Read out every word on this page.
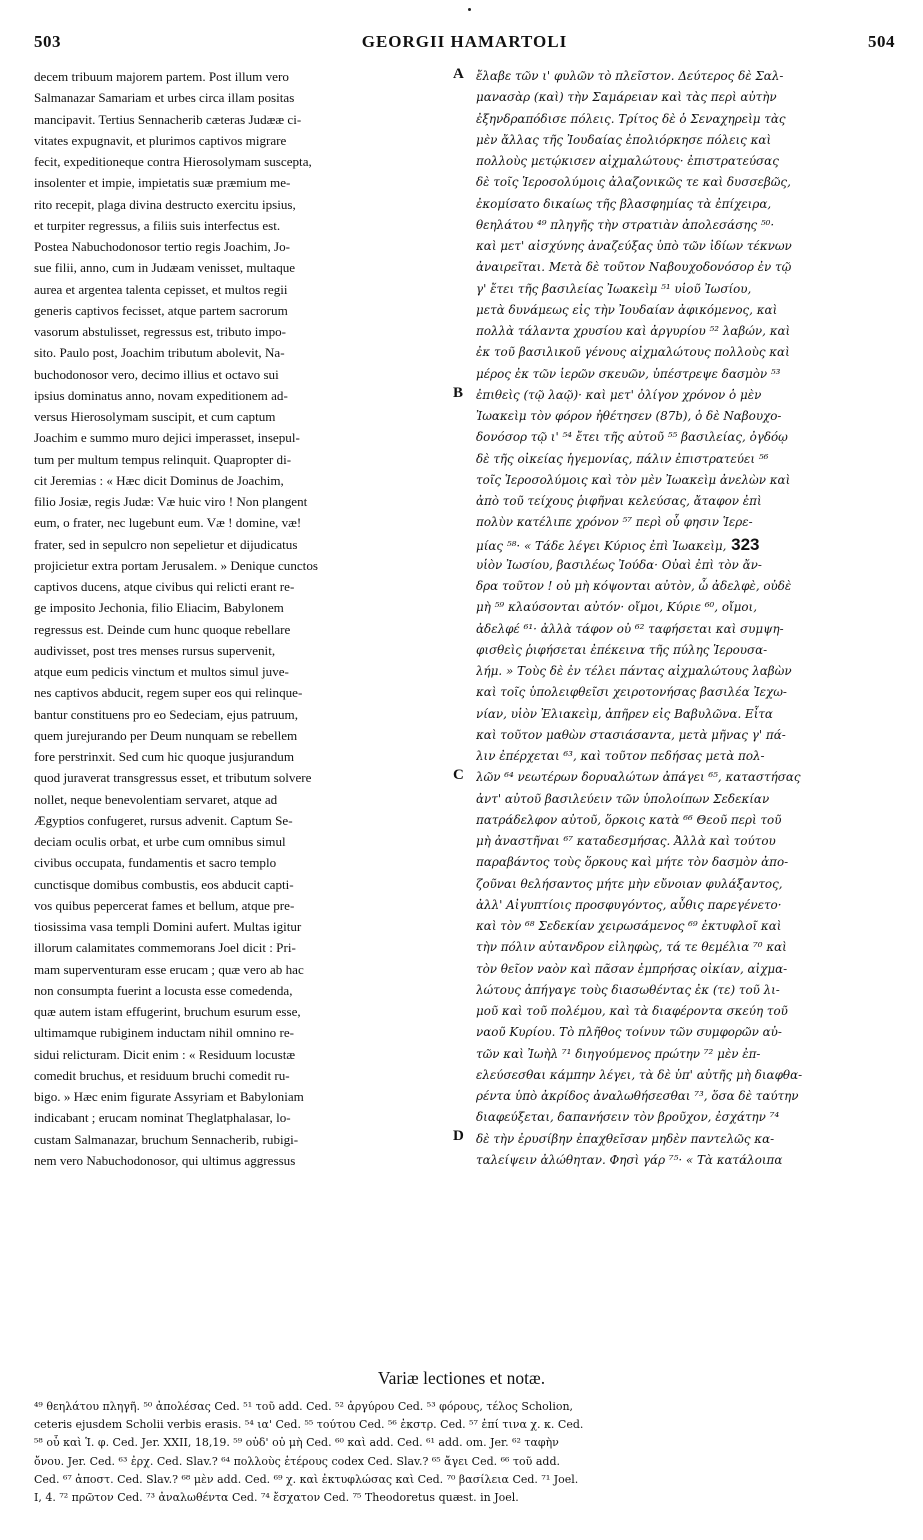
503	GEORGII HAMARTOLI	504
decem tribuum majorem partem. Post illum vero
Salmanazar Samariam et urbes circa illam positas
mancipavit. Tertius Sennacherib cæteras Judææ ci-
vitates expugnavit, et plurimos captivos migrare
fecit, expeditioneque contra Hierosolymam suscepta,
insolenter et impie, impietatis suæ præmium me-
rito recepit, plaga divina destructo exercitu ipsius,
et turpiter regressus, a filiis suis interfectus est.
Postea Nabuchodonosor tertio regis Joachim, Jo-
sue filii, anno, cum in Judæam venisset, multaque
aurea et argentea talenta cepisset, et multos regii
generis captivos fecisset, atque partem sacrorum
vasorum abstulisset, regressus est, tributo impo-
sito. Paulo post, Joachim tributum abolevit, Na-
buchodonosor vero, decimo illius et octavo sui
ipsius dominatus anno, novam expeditionem ad-
versus Hierosolymam suscipit, et cum captum
Joachim e summo muro dejici imperasset, insepul-
tum per multum tempus relinquit. Quapropter di-
cit Jeremias : « Hæc dicit Dominus de Joachim,
filio Josiæ, regis Judæ: Væ huic viro ! Non plangent
eum, o frater, nec lugebunt eum. Væ ! domine, væ!
frater, sed in sepulcro non sepelietur et dijudicatus
projicietur extra portam Jerusalem. » Denique cunctos
captivos ducens, atque civibus qui relicti erant re-
ge imposito Jechonia, filio Eliacim, Babylonem
regressus est. Deinde cum hunc quoque rebellare
audivisset, post tres menses rursus supervenit,
atque eum pedicis vinctum et multos simul juve-
nes captivos abducit, regem super eos qui relinque-
bantur constituens pro eo Sedeciam, ejus patruum,
quem jurejurando per Deum nunquam se rebellem
fore perstrinxit. Sed cum hic quoque jusjurandum
quod juraverat transgressus esset, et tributum solvere
nollet, neque benevolentiam servaret, atque ad
Ægyptios confugeret, rursus advenit. Captum Se-
deciam oculis orbat, et urbe cum omnibus simul
civibus occupata, fundamentis et sacro templo
cunctisque domibus combustis, eos abducit capti-
vos quibus pepercerat fames et bellum, atque pre-
tiosissima vasa templi Domini aufert. Multas igitur
illorum calamitates commemorans Joel dicit : Pri-
mam superventuram esse erucam ; quæ vero ab hac
non consumpta fuerint a locusta esse comedenda,
quæ autem istam effugerint, bruchum esurum esse,
ultimamque rubiginem inductam nihil omnino re-
sidui relicturam. Dicit enim : « Residuum locustæ
comedit bruchus, et residuum bruchi comedit ru-
bigo. » Hæc enim figurate Assyriam et Babyloniam
indicabant ; erucam nominat Theglatphalasar, lo-
custam Salmanazar, bruchum Sennacherib, rubigi-
nem vero Nabuchodonosor, qui ultimus aggressus
ἔλαβε τῶν ι' φυλῶν τὸ πλεῖστον. Δεύτερος δὲ Σαλ-
μανασὰρ (καὶ) τὴν Σαμάρειαν καὶ τὰς περὶ αὐτὴν
ἐξηνδραπόδισε πόλεις. Τρίτος δὲ ὁ Σεναχηρεὶμ τὰς
μὲν ἄλλας τῆς Ἰουδαίας ἐπολιόρκησε πόλεις καὶ
πολλοὺς μετῴκισεν αἰχμαλώτους· ἐπιστρατεύσας
δὲ τοῖς Ἱεροσολύμοις ἀλαζονικῶς τε καὶ δυσσεβῶς,
ἐκομίσατο δικαίως τῆς βλασφημίας τὰ ἐπίχειρα,
θεηλάτου ⁴⁹ πληγῆς τὴν στρατιὰν ἀπολεσάσης ⁵⁰·
καὶ μετ' αἰσχύνης ἀναζεύξας ὑπὸ τῶν ἰδίων τέκνων
ἀναιρεῖται. Μετὰ δὲ τοῦτον Ναβουχοδονόσορ ἐν τῷ
γ' ἔτει τῆς βασιλείας Ἰωακεὶμ ⁵¹ υἱοῦ Ἰωσίου,
μετὰ δυνάμεως εἰς τὴν Ἰουδαίαν ἀφικόμενος, καὶ
πολλὰ τάλαντα χρυσίου καὶ ἀργυρίου ⁵² λαβών, καὶ
ἐκ τοῦ βασιλικοῦ γένους αἰχμαλώτους πολλοὺς καὶ
μέρος ἐκ τῶν ἱερῶν σκευῶν, ὑπέστρεψε δασμὸν ⁵³
ἐπιθεὶς (τῷ λαῷ)· καὶ μετ' ὀλίγον χρόνον ὁ μὲν
Ἰωακεὶμ τὸν φόρον ἠθέτησεν (87b), ὁ δὲ Ναβουχο-
δονόσορ τῷ ι' ⁵⁴ ἔτει τῆς αὐτοῦ ⁵⁵ βασιλείας, ὀγδόῳ
δὲ τῆς οἰκείας ἡγεμονίας, πάλιν ἐπιστρατεύει ⁵⁶
τοῖς Ἱεροσολύμοις καὶ τὸν μὲν Ἰωακεὶμ ἀνελὼν καὶ
ἀπὸ τοῦ τείχους ῥιφῆναι κελεύσας, ἄταφον ἐπὶ
πολὺν κατέλιπε χρόνον ⁵⁷ περὶ οὗ φησιν Ἱερε-
μίας ⁵⁸· « Τάδε λέγει Κύριος ἐπὶ Ἰωακεὶμ, 323
υἱὸν Ἰωσίου, βασιλέως Ἰούδα· Οὐαὶ ἐπὶ τὸν ἄν-
δρα τοῦτον ! οὐ μὴ κόψονται αὐτὸν, ὦ ἀδελφὲ, οὐδὲ
μὴ ⁵⁹ κλαύσονται αὐτόν· οἴμοι, Κύριε ⁶⁰, οἴμοι,
ἀδελφέ ⁶¹· ἀλλὰ τάφον οὐ ⁶² ταφήσεται καὶ συμψη-
φισθεὶς ῥιφήσεται ἐπέκεινα τῆς πύλης Ἱερουσα-
λήμ. » Τοὺς δὲ ἐν τέλει πάντας αἰχμαλώτους λαβὼν
καὶ τοῖς ὑπολειφθεῖσι χειροτονήσας βασιλέα Ἰεχω-
νίαν, υἱὸν Ἐλιακεὶμ, ἀπῆρεν εἰς Βαβυλῶνα. Εἶτα
καὶ τοῦτον μαθὼν στασιάσαντα, μετὰ μῆνας γ' πά-
λιν ἐπέρχεται ⁶³, καὶ τοῦτον πεδήσας μετὰ πολ-
λῶν ⁶⁴ νεωτέρων δορυαλώτων ἀπάγει ⁶⁵, καταστήσας
ἀντ' αὐτοῦ βασιλεύειν τῶν ὑπολοίπων Σεδεκίαν
πατράδελφον αὐτοῦ, ὅρκοις κατὰ ⁶⁶ Θεοῦ περὶ τοῦ
μὴ ἀναστῆναι ⁶⁷ καταδεσμήσας. Ἀλλὰ καὶ τούτου
παραβάντος τοὺς ὅρκους καὶ μήτε τὸν δασμὸν ἀπο-
ζοῦναι θελήσαντος μήτε μὴν εὔνοιαν φυλάξαντος,
ἀλλ' Αἰγυπτίοις προσφυγόντος, αὖθις παρεγένετο·
καὶ τὸν ⁶⁸ Σεδεκίαν χειρωσάμενος ⁶⁹ ἐκτυφλοῖ καὶ
τὴν πόλιν αὐτανδρον εἰληφὼς, τά τε θεμέλια ⁷⁰ καὶ
τὸν θεῖον ναὸν καὶ πᾶσαν ἐμπρήσας οἰκίαν, αἰχμα-
λώτους ἀπήγαγε τοὺς διασωθέντας ἐκ (τε) τοῦ λι-
μοῦ καὶ τοῦ πολέμου, καὶ τὰ διαφέροντα σκεύη τοῦ
ναοῦ Κυρίου. Τὸ πλῆθος τοίνυν τῶν συμφορῶν αὐ-
τῶν καὶ Ἰωὴλ ⁷¹ διηγούμενος πρώτην ⁷² μὲν ἐπ-
ελεύσεσθαι κάμπην λέγει, τὰ δὲ ὑπ' αὐτῆς μὴ διαφθα-
ρέντα ὑπὸ ἀκρίδος ἀναλωθήσεσθαι ⁷³, ὅσα δὲ ταύτην
διαφεύξεται, δαπανήσειν τὸν βροῦχον, ἐσχάτην ⁷⁴
δὲ τὴν ἐρυσίβην ἐπαχθεῖσαν μηδὲν παντελῶς κα-
ταλείψειν ἀλώθηταν. Φησὶ γάρ ⁷⁵· « Τὰ κατάλοιπα
A
B
C
D
Variæ lectiones et notæ.
⁴⁹ θεηλάτου πληγῆ. ⁵⁰ ἀπολέσας Ced. ⁵¹ τοῦ add. Ced. ⁵² ἀργύρου Ced. ⁵³ φόρους, τέλος Scholion,
ceteris ejusdem Scholii verbis erasis. ⁵⁴ ια' Ced. ⁵⁵ τούτου Ced. ⁵⁶ ἐκστρ. Ced. ⁵⁷ ἐπί τινα χ. κ. Ced.
⁵⁸ οὗ καὶ Ἱ. φ. Ced. Jer. XXII, 18,19. ⁵⁹ οὐδ' οὐ μὴ Ced. ⁶⁰ καὶ add. Ced. ⁶¹ add. om. Jer. ⁶² ταφὴν
ὄνου. Jer. Ced. ⁶³ ἐρχ. Ced. Slav.? ⁶⁴ πολλοὺς ἑτέρους codex Ced. Slav.? ⁶⁵ ἄγει Ced. ⁶⁶ τοῦ add.
Ced. ⁶⁷ ἀποστ. Ced. Slav.? ⁶⁸ μὲν add. Ced. ⁶⁹ χ. καὶ ἐκτυφλώσας καὶ Ced. ⁷⁰ βασίλεια Ced. ⁷¹ Joel.
I, 4. ⁷² πρῶτον Ced. ⁷³ ἀναλωθέντα Ced. ⁷⁴ ἔσχατον Ced. ⁷⁵ Theodoretus quæst. in Joel.
